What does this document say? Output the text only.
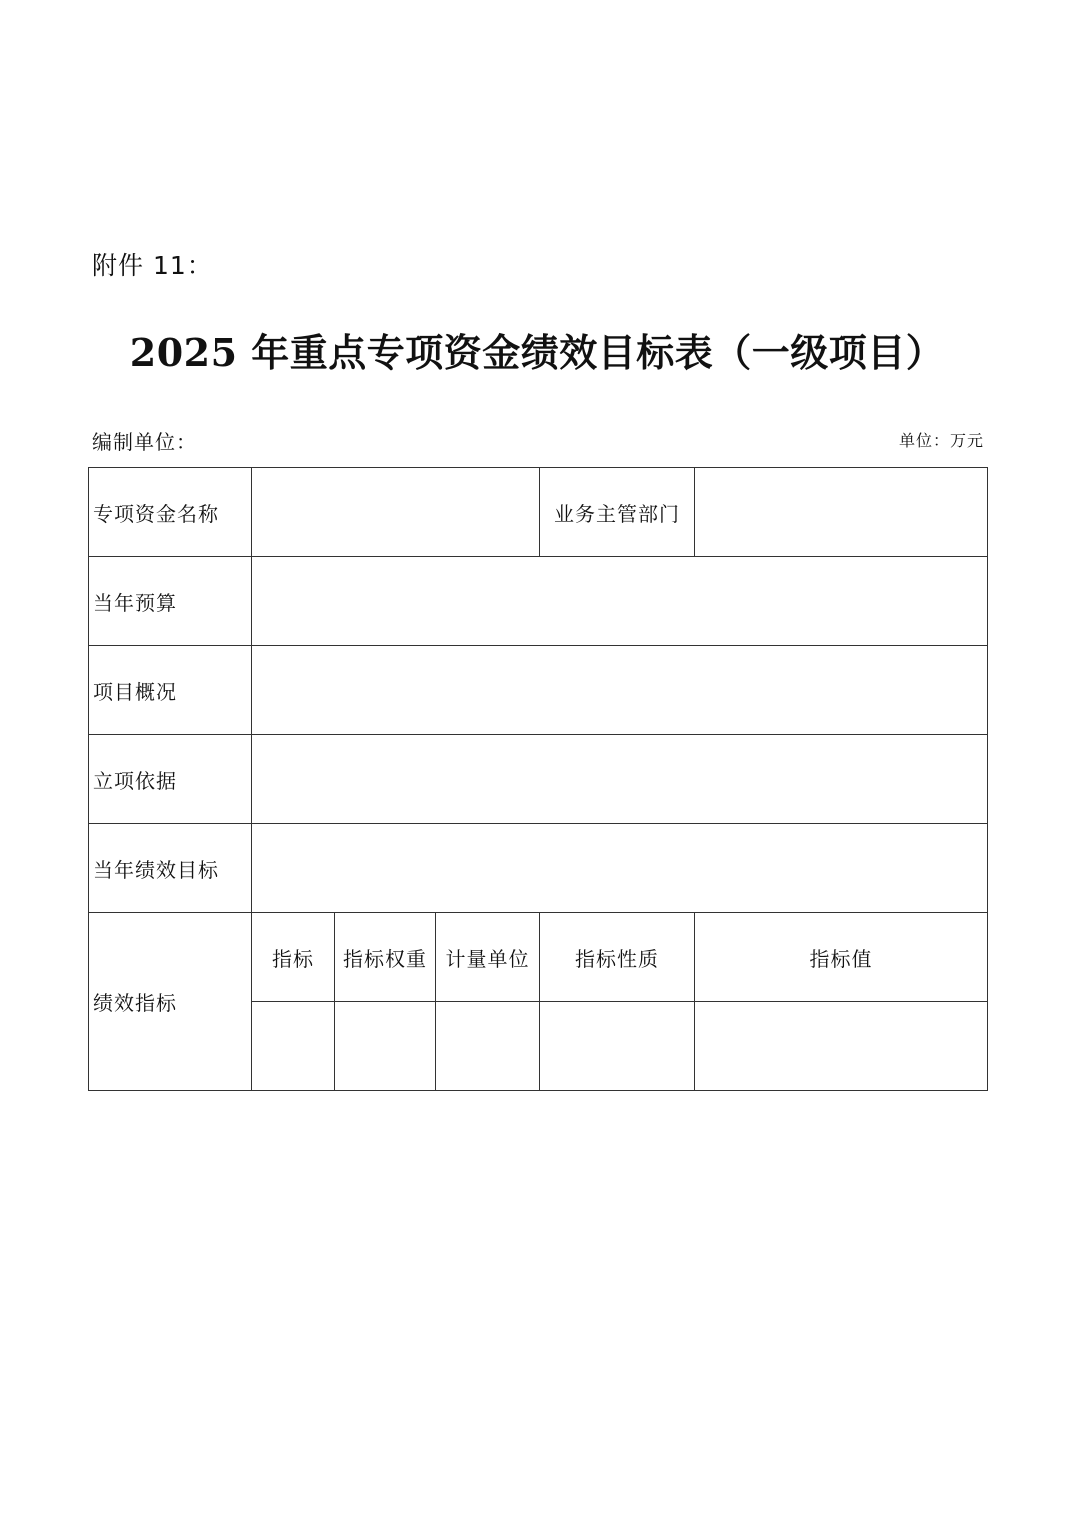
附件 11：
2025 年重点专项资金绩效目标表（一级项目）
编制单位：	单位：万元
专项资金名称				业务主管部门	
当年预算					
项目概况					
立项依据					
当年绩效目标					
绩效指标	指标	指标权重	计量单位	指标性质	指标值
